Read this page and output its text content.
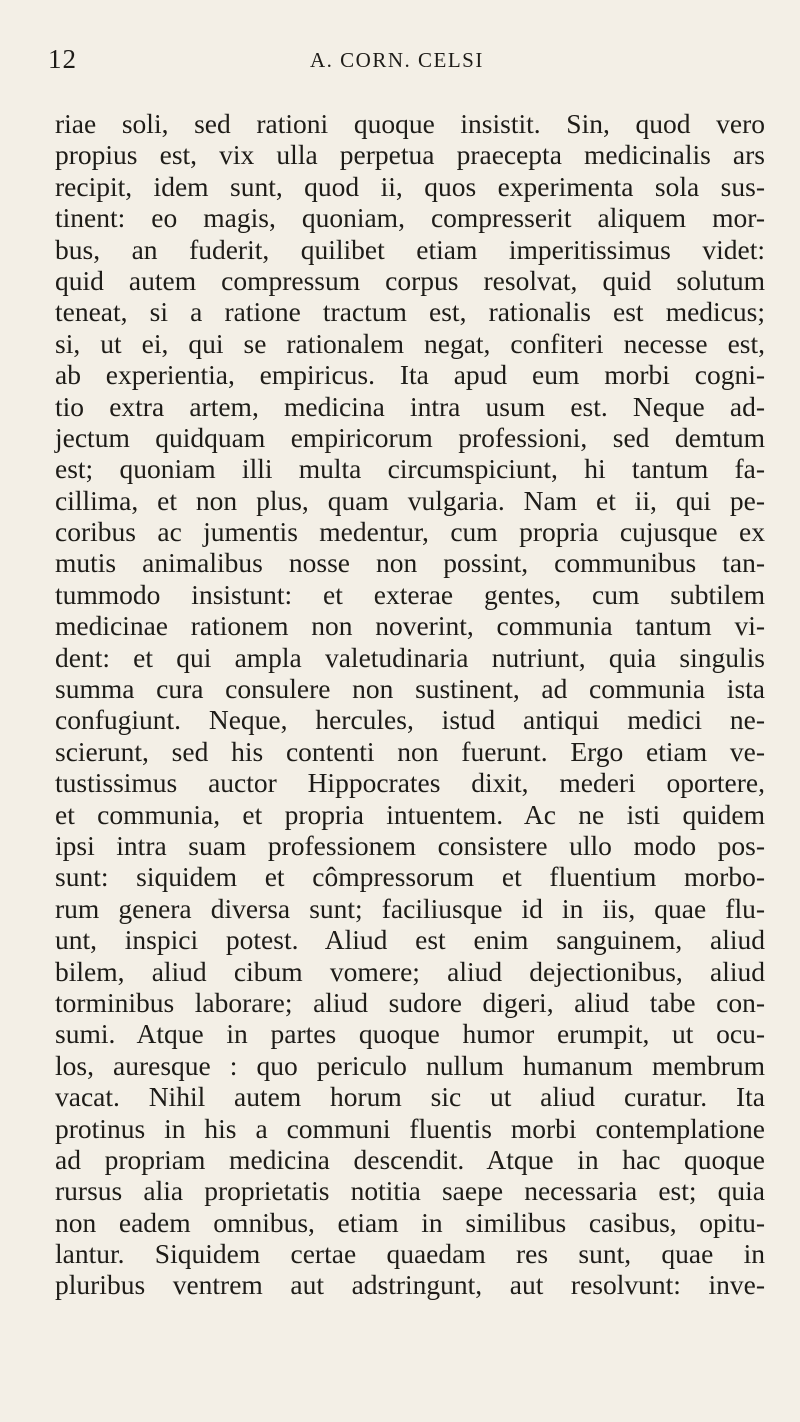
12	A. CORN. CELSI
riae soli, sed rationi quoque insistit. Sin, quod vero
propius est, vix ulla perpetua praecepta medicinalis ars
recipit, idem sunt, quod ii, quos experimenta sola sus-
tinent: eo magis, quoniam, compresserit aliquem mor-
bus, an fuderit, quilibet etiam imperitissimus videt:
quid autem compressum corpus resolvat, quid solutum
teneat, si a ratione tractum est, rationalis est medicus;
si, ut ei, qui se rationalem negat, confiteri necesse est,
ab experientia, empiricus. Ita apud eum morbi cogni-
tio extra artem, medicina intra usum est. Neque ad-
jectum quidquam empiricorum professioni, sed demtum
est; quoniam illi multa circumspiciunt, hi tantum fa-
cillima, et non plus, quam vulgaria. Nam et ii, qui pe-
coribus ac jumentis medentur, cum propria cujusque ex
mutis animalibus nosse non possint, communibus tan-
tummodo insistunt: et exterae gentes, cum subtilem
medicinae rationem non noverint, communia tantum vi-
dent: et qui ampla valetudinaria nutriunt, quia singulis
summa cura consulere non sustinent, ad communia ista
confugiunt. Neque, hercules, istud antiqui medici ne-
scierunt, sed his contenti non fuerunt. Ergo etiam ve-
tustissimus auctor Hippocrates dixit, mederi oportere,
et communia, et propria intuentem. Ac ne isti quidem
ipsi intra suam professionem consistere ullo modo pos-
sunt: siquidem et cômpressorum et fluentium morbo-
rum genera diversa sunt; faciliusque id in iis, quae flu-
unt, inspici potest. Aliud est enim sanguinem, aliud
bilem, aliud cibum vomere; aliud dejectionibus, aliud
torminibus laborare; aliud sudore digeri, aliud tabe con-
sumi. Atque in partes quoque humor erumpit, ut ocu-
los, auresque : quo periculo nullum humanum membrum
vacat. Nihil autem horum sic ut aliud curatur. Ita
protinus in his a communi fluentis morbi contemplatione
ad propriam medicina descendit. Atque in hac quoque
rursus alia proprietatis notitia saepe necessaria est; quia
non eadem omnibus, etiam in similibus casibus, opitu-
lantur. Siquidem certae quaedam res sunt, quae in
pluribus ventrem aut adstringunt, aut resolvunt: inve-
